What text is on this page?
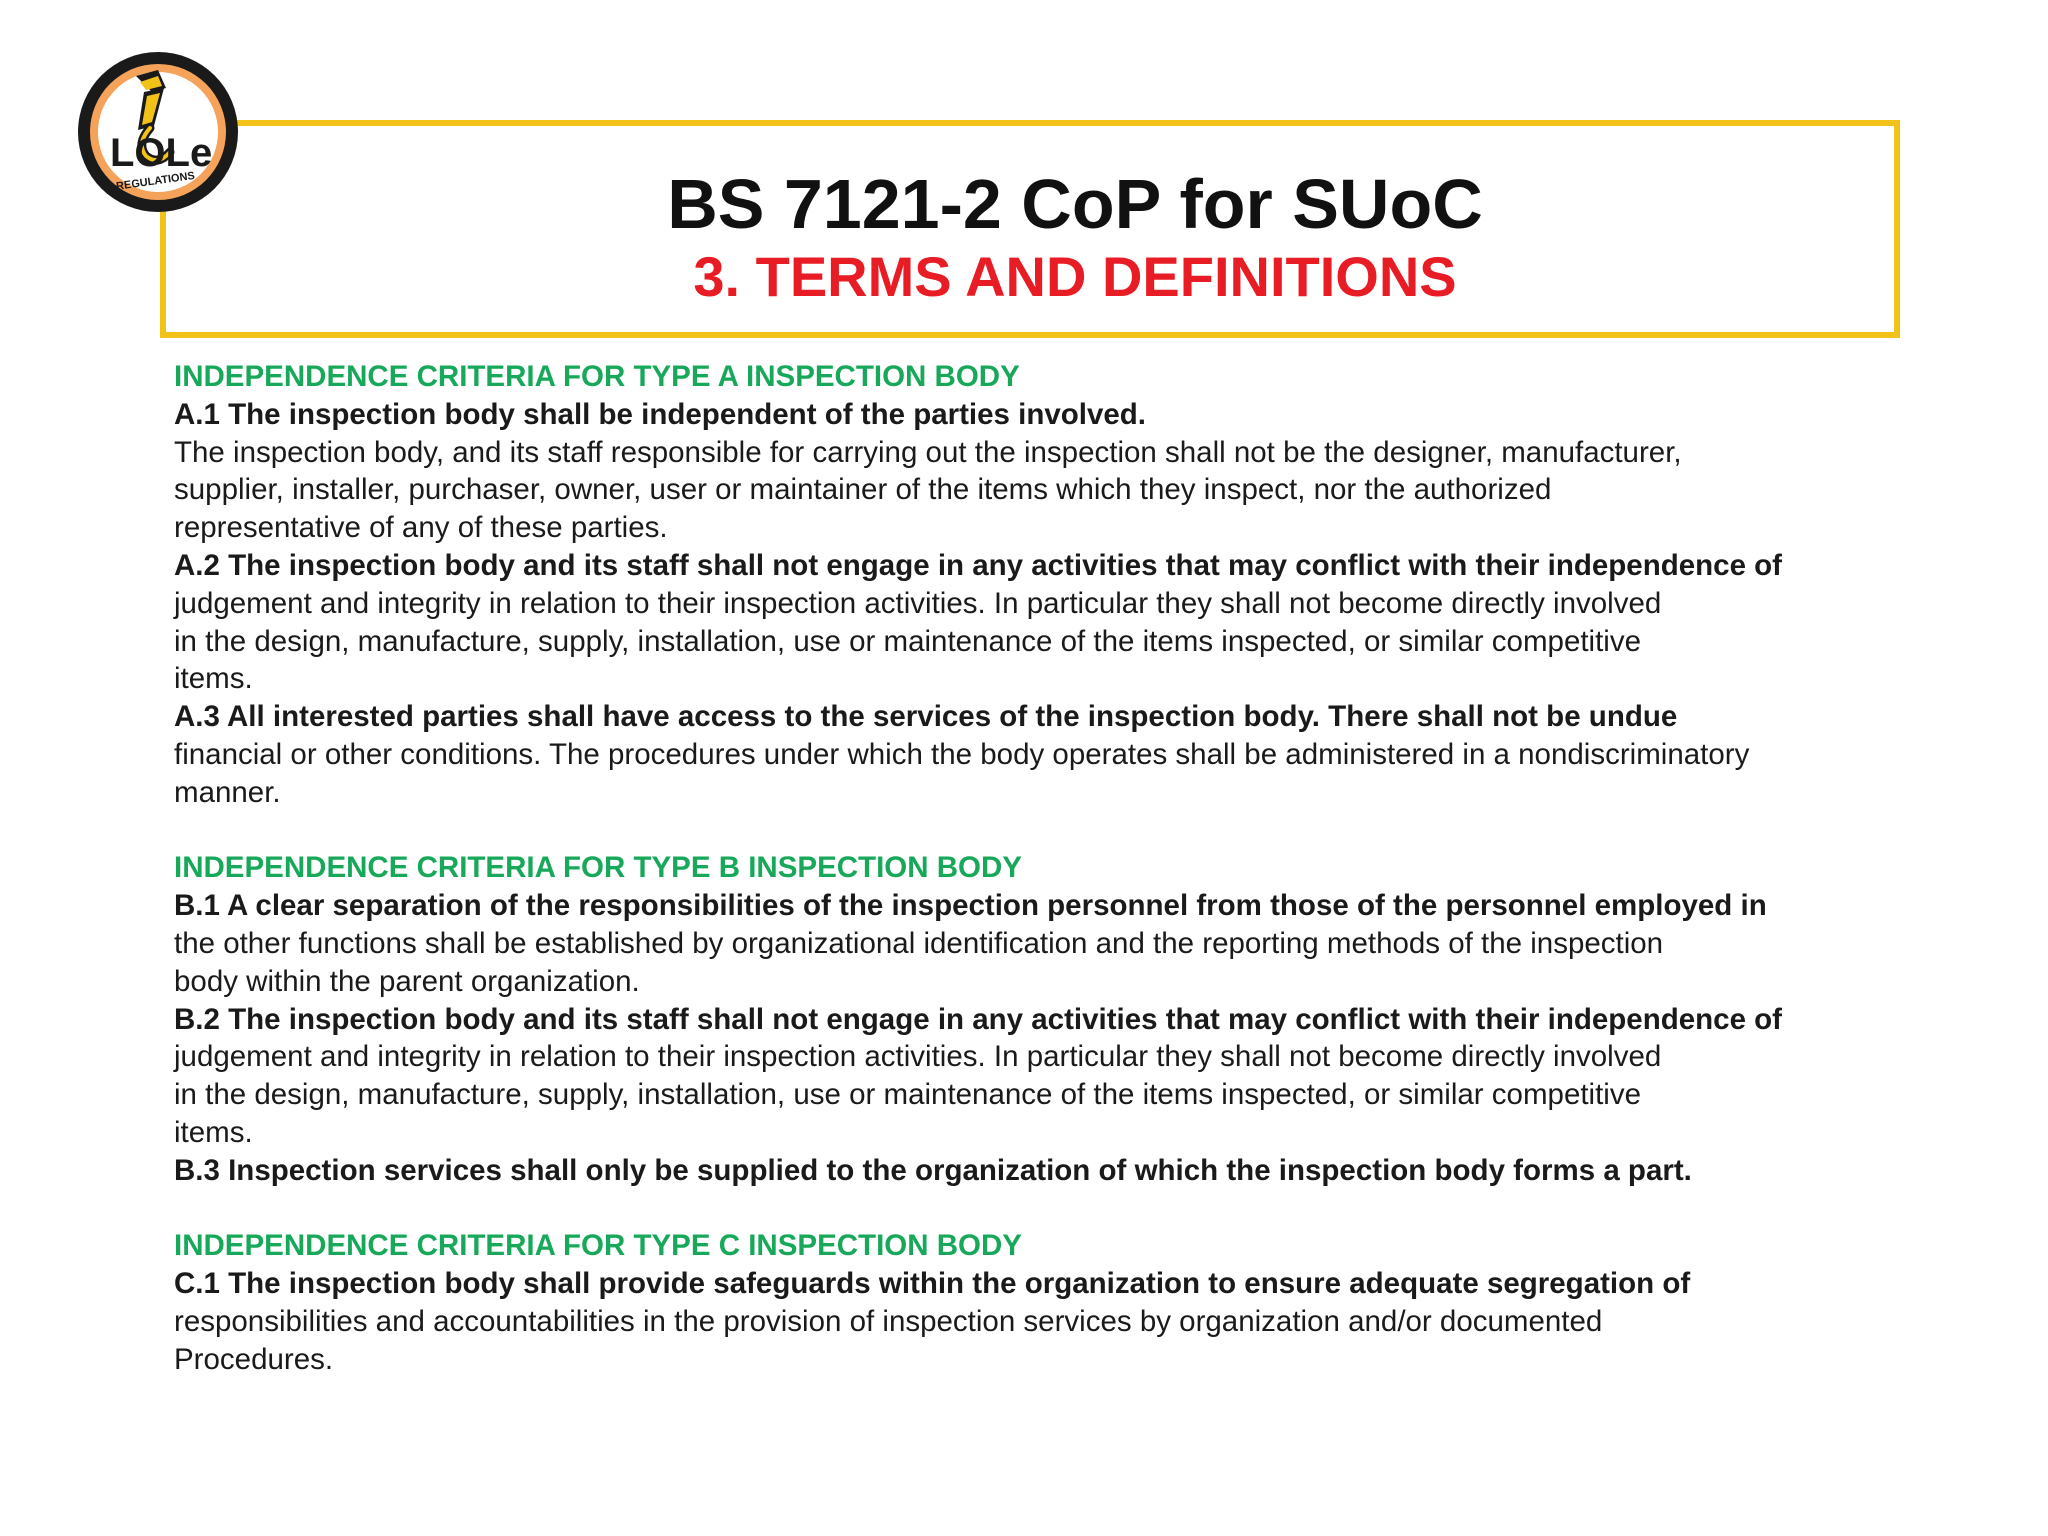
LOLe
REGULATIONS	BS 7121-2 CoP for SUoC
3. TERMS AND DEFINITIONS
INDEPENDENCE CRITERIA FOR TYPE A INSPECTION BODY
A.1 The inspection body shall be independent of the parties involved.
The inspection body, and its staff responsible for carrying out the inspection shall not be the designer, manufacturer,
supplier, installer, purchaser, owner, user or maintainer of the items which they inspect, nor the authorized
representative of any of these parties.
A.2 The inspection body and its staff shall not engage in any activities that may conflict with their independence of
judgement and integrity in relation to their inspection activities. In particular they shall not become directly involved
in the design, manufacture, supply, installation, use or maintenance of the items inspected, or similar competitive
items.
A.3 All interested parties shall have access to the services of the inspection body. There shall not be undue
financial or other conditions. The procedures under which the body operates shall be administered in a nondiscriminatory
manner.
INDEPENDENCE CRITERIA FOR TYPE B INSPECTION BODY
B.1 A clear separation of the responsibilities of the inspection personnel from those of the personnel employed in
the other functions shall be established by organizational identification and the reporting methods of the inspection
body within the parent organization.
B.2 The inspection body and its staff shall not engage in any activities that may conflict with their independence of
judgement and integrity in relation to their inspection activities. In particular they shall not become directly involved
in the design, manufacture, supply, installation, use or maintenance of the items inspected, or similar competitive
items.
B.3 Inspection services shall only be supplied to the organization of which the inspection body forms a part.
INDEPENDENCE CRITERIA FOR TYPE C INSPECTION BODY
C.1 The inspection body shall provide safeguards within the organization to ensure adequate segregation of
responsibilities and accountabilities in the provision of inspection services by organization and/or documented
Procedures.
